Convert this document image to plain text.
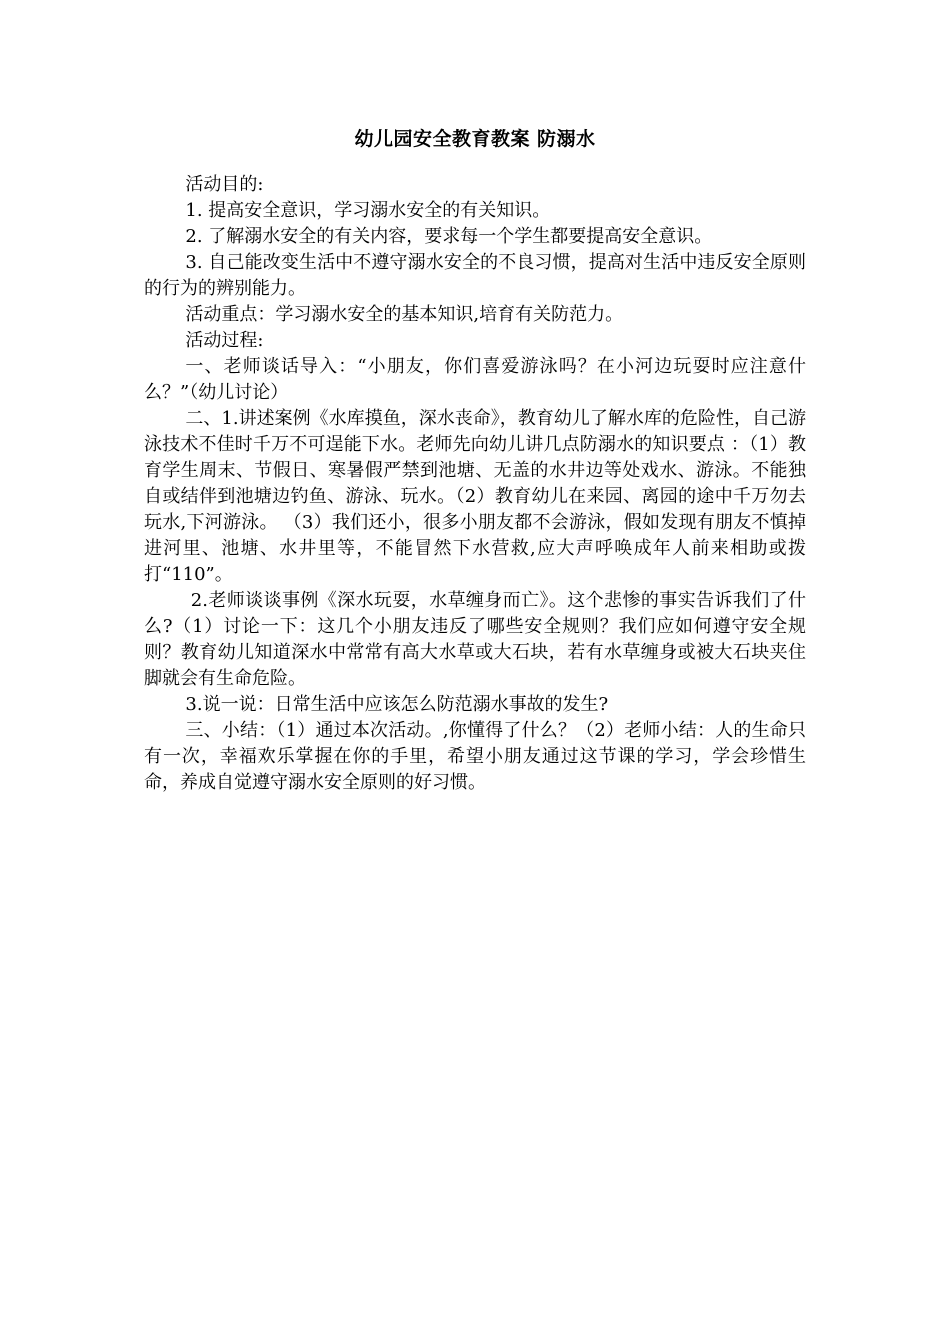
幼儿园安全教育教案 防溺水

活动目的:

1. 提高安全意识，学习溺水安全的有关知识。

2. 了解溺水安全的有关内容，要求每一个学生都要提高安全意识。

3. 自己能改变生活中不遵守溺水安全的不良习惯，提高对生活中违反安全原则的行为的辨别能力。

活动重点：学习溺水安全的基本知识,培育有关防范力。

活动过程:

一、老师谈话导入：“小朋友，你们喜爱游泳吗？在小河边玩耍时应注意什么？”（幼儿讨论）

二、1.讲述案例《水库摸鱼，深水丧命》，教育幼儿了解水库的危险性，自己游泳技术不佳时千万不可逞能下水。老师先向幼儿讲几点防溺水的知识要点 ：（1）教育学生周末、节假日、寒暑假严禁到池塘、无盖的水井边等处戏水、游泳。不能独自或结伴到池塘边钓鱼、游泳、玩水。（2）教育幼儿在来园、离园的途中千万勿去玩水,下河游泳。 （3）我们还小，很多小朋友都不会游泳，假如发现有朋友不慎掉进河里、池塘、水井里等，不能冒然下水营救,应大声呼唤成年人前来相助或拨打“110”。

2.老师谈谈事例《深水玩耍，水草缠身而亡》。这个悲惨的事实告诉我们了什么?（1）讨论一下：这几个小朋友违反了哪些安全规则？我们应如何遵守安全规则？教育幼儿知道深水中常常有高大水草或大石块，若有水草缠身或被大石块夹住脚就会有生命危险。

3.说一说：日常生活中应该怎么防范溺水事故的发生?

三、小结：（1）通过本次活动。,你懂得了什么？（2）老师小结：人的生命只有一次，幸福欢乐掌握在你的手里，希望小朋友通过这节课的学习，学会珍惜生命，养成自觉遵守溺水安全原则的好习惯。
